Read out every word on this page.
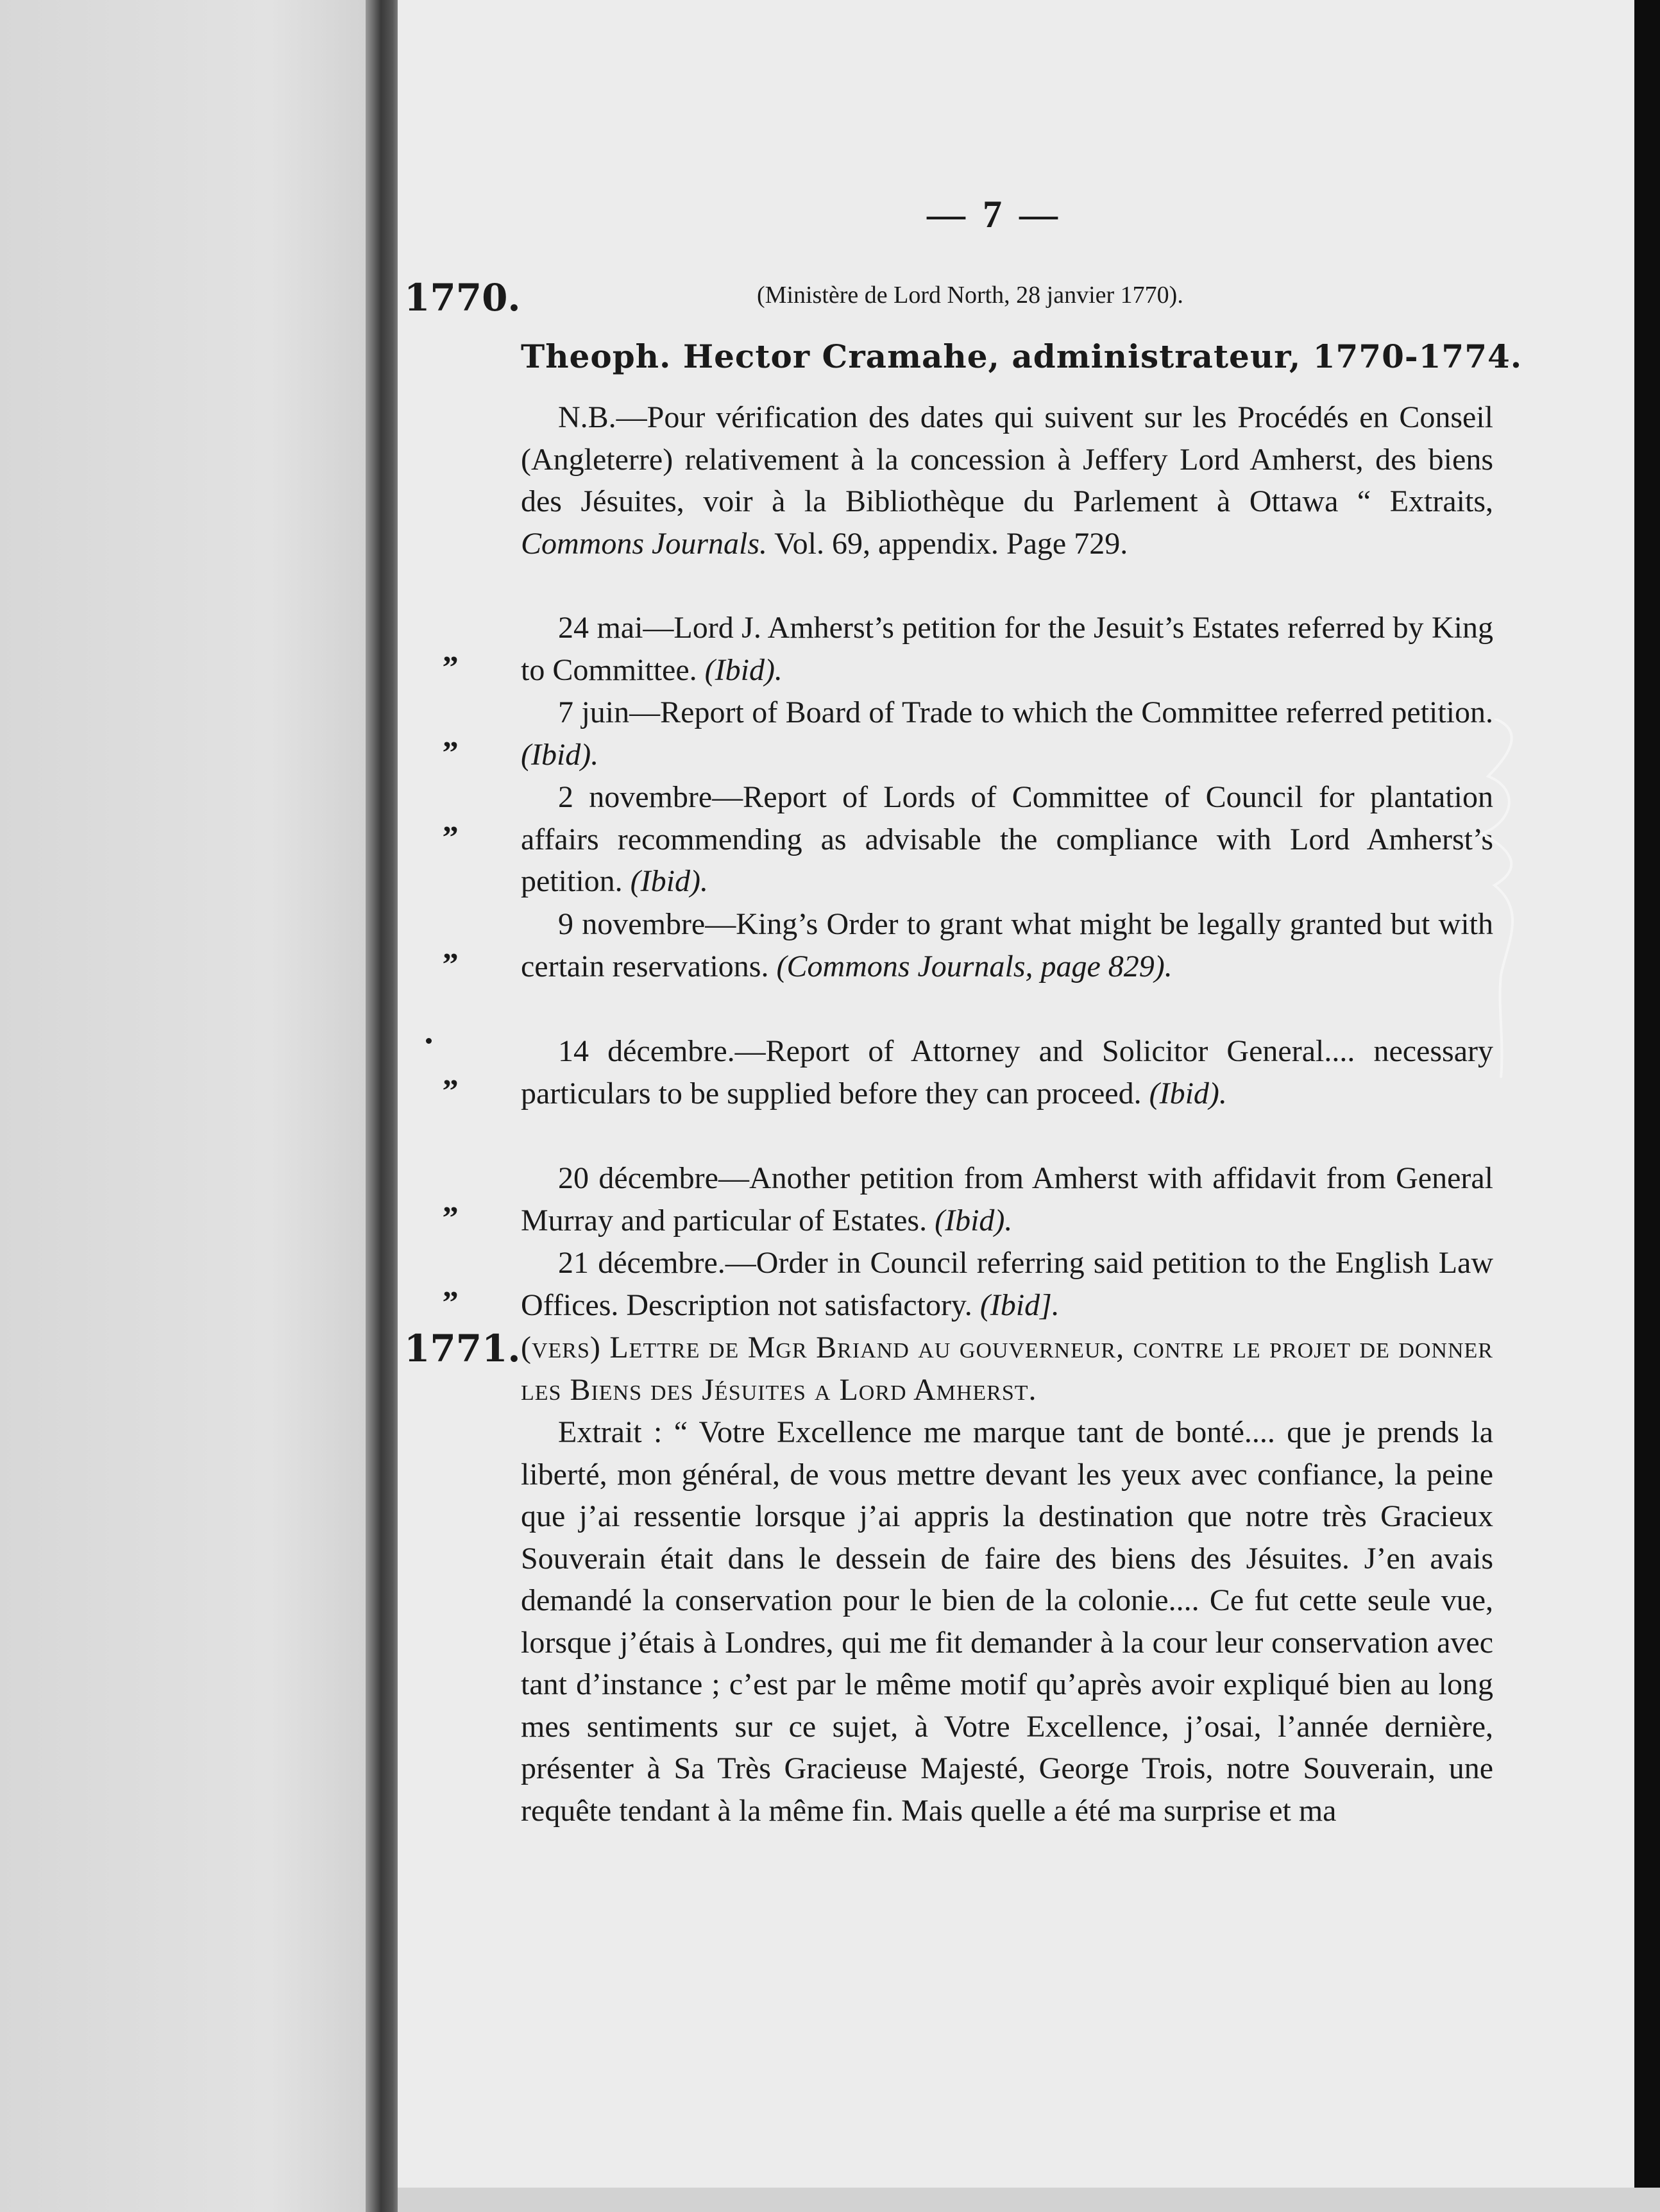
— 7 —
1770.	(Ministère de Lord North, 28 janvier 1770).
Theoph. Hector Cramahe, administrateur, 1770-1774.
N.B.—Pour vérification des dates qui suivent sur les Procédés en Conseil (Angleterre) relativement à la concession à Jeffery Lord Amherst, des biens des Jésuites, voir à la Bibliothèque du Parlement à Ottawa “ Extraits, Commons Journals. Vol. 69, appendix. Page 729.
„
24 mai—Lord J. Amherst’s petition for the Jesuit’s Estates referred by King to Committee. (Ibid).
„
7 juin—Report of Board of Trade to which the Committee referred petition. (Ibid).
„
2 novembre—Report of Lords of Committee of Council for plantation affairs recommending as advisable the compliance with Lord Amherst’s petition. (Ibid).
„
9 novembre—King’s Order to grant what might be legally granted but with certain reservations. (Commons Journals, page 829).
„
14 décembre.—Report of Attorney and Solicitor General.... necessary particulars to be supplied before they can proceed. (Ibid).
„
20 décembre—Another petition from Amherst with affidavit from General Murray and particular of Estates. (Ibid).
„
21 décembre.—Order in Council referring said petition to the English Law Offices. Description not satisfactory. (Ibid].
1771. (vers) Lettre de Mgr Briand au gouverneur, contre le projet de donner les Biens des Jésuites a Lord Amherst.
Extrait : “ Votre Excellence me marque tant de bonté.... que je prends la liberté, mon général, de vous mettre devant les yeux avec confiance, la peine que j’ai ressentie lorsque j’ai appris la destination que notre très Gracieux Souverain était dans le dessein de faire des biens des Jésuites. J’en avais demandé la conservation pour le bien de la colonie.... Ce fut cette seule vue, lorsque j’étais à Londres, qui me fit demander à la cour leur conservation avec tant d’instance ; c’est par le même motif qu’après avoir expliqué bien au long mes sentiments sur ce sujet, à Votre Excellence, j’osai, l’année dernière, présenter à Sa Très Gracieuse Majesté, George Trois, notre Souverain, une requête tendant à la même fin. Mais quelle a été ma surprise et ma
